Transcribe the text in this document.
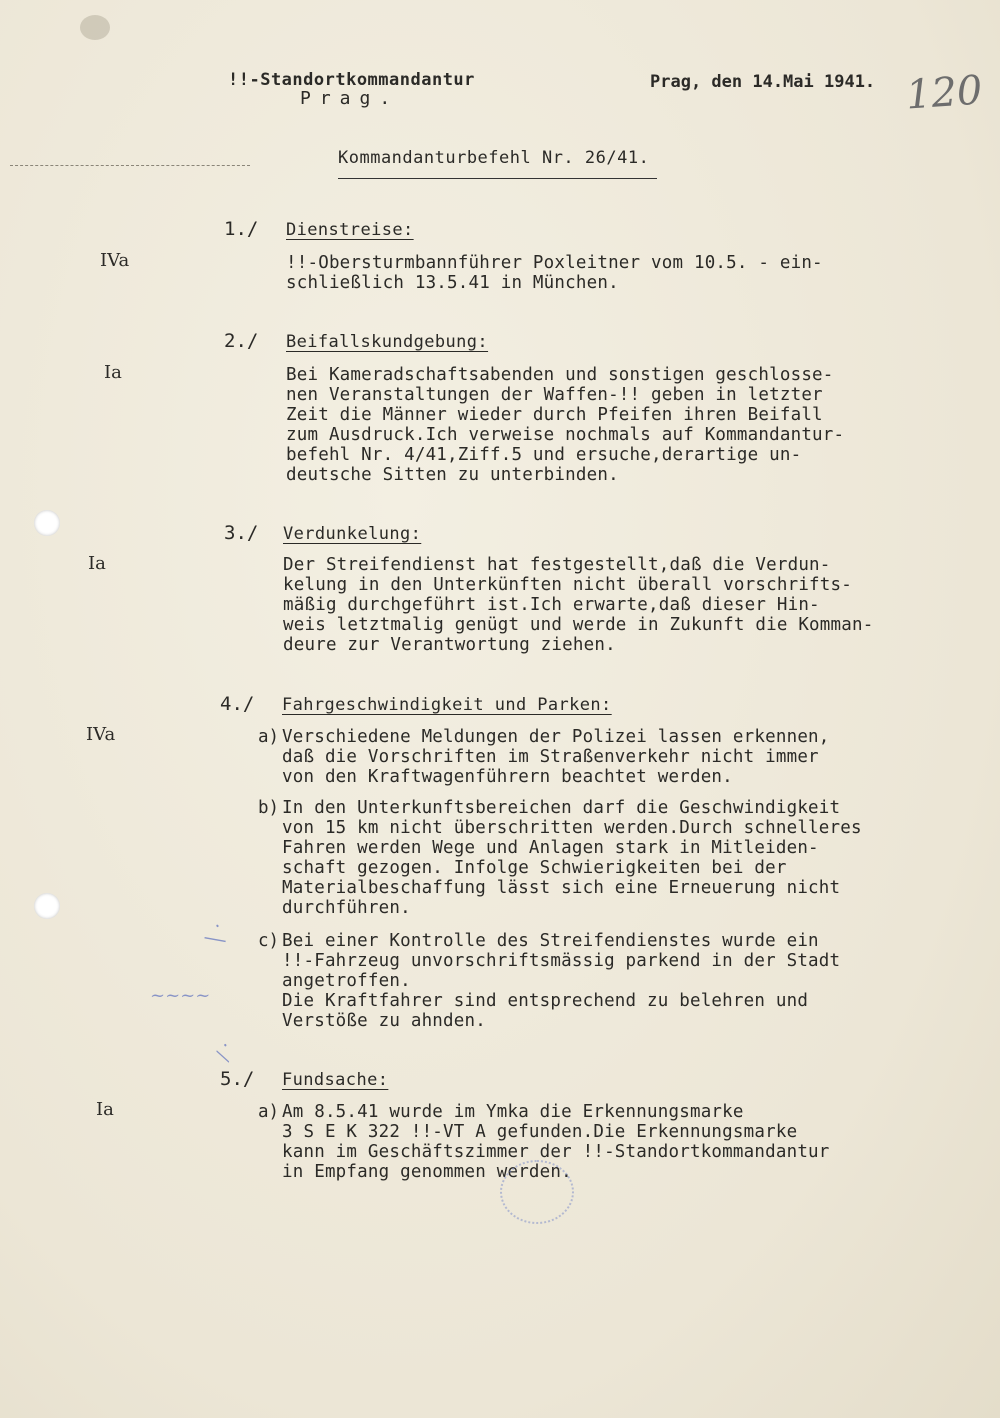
!!-Standortkommandantur
Prag.
Prag, den 14.Mai 1941. 120
Kommandanturbefehl Nr. 26/41.
1./ Dienstreise:
IVa	!!-Obersturmbannführer Poxleitner vom 10.5. - ein-
schließlich 13.5.41 in München.
2./ Beifallskundgebung:
Ia	Bei Kameradschaftsabenden und sonstigen geschlosse-
nen Veranstaltungen der Waffen-!! geben in letzter
Zeit die Männer wieder durch Pfeifen ihren Beifall
zum Ausdruck.Ich verweise nochmals auf Kommandantur-
befehl Nr. 4/41,Ziff.5 und ersuche,derartige un-
deutsche Sitten zu unterbinden.
3./ Verdunkelung:
Ia	Der Streifendienst hat festgestellt,daß die Verdun-
kelung in den Unterkünften nicht überall vorschrifts-
mäßig durchgeführt ist.Ich erwarte,daß dieser Hin-
weis letztmalig genügt und werde in Zukunft die Komman-
deure zur Verantwortung ziehen.
4./ Fahrgeschwindigkeit und Parken:
IVa	a) Verschiedene Meldungen der Polizei lassen erkennen,
daß die Vorschriften im Straßenverkehr nicht immer
von den Kraftwagenführern beachtet werden.
b) In den Unterkunftsbereichen darf die Geschwindigkeit
von 15 km nicht überschritten werden.Durch schnelleres
Fahren werden Wege und Anlagen stark in Mitleiden-
schaft gezogen. Infolge Schwierigkeiten bei der
Materialbeschaffung lässt sich eine Erneuerung nicht
durchführen.
c) Bei einer Kontrolle des Streifendienstes wurde ein
!!-Fahrzeug unvorschriftsmässig parkend in der Stadt
angetroffen.
Die Kraftfahrer sind entsprechend zu belehren und
Verstöße zu ahnden.
5./ Fundsache:
Ia	a) Am 8.5.41 wurde im Ymka die Erkennungsmarke
3 S E K 322 !!-VT A gefunden.Die Erkennungsmarke
kann im Geschäftszimmer der !!-Standortkommandantur
in Empfang genommen werden.
│ ·
~~~~
/ ·
